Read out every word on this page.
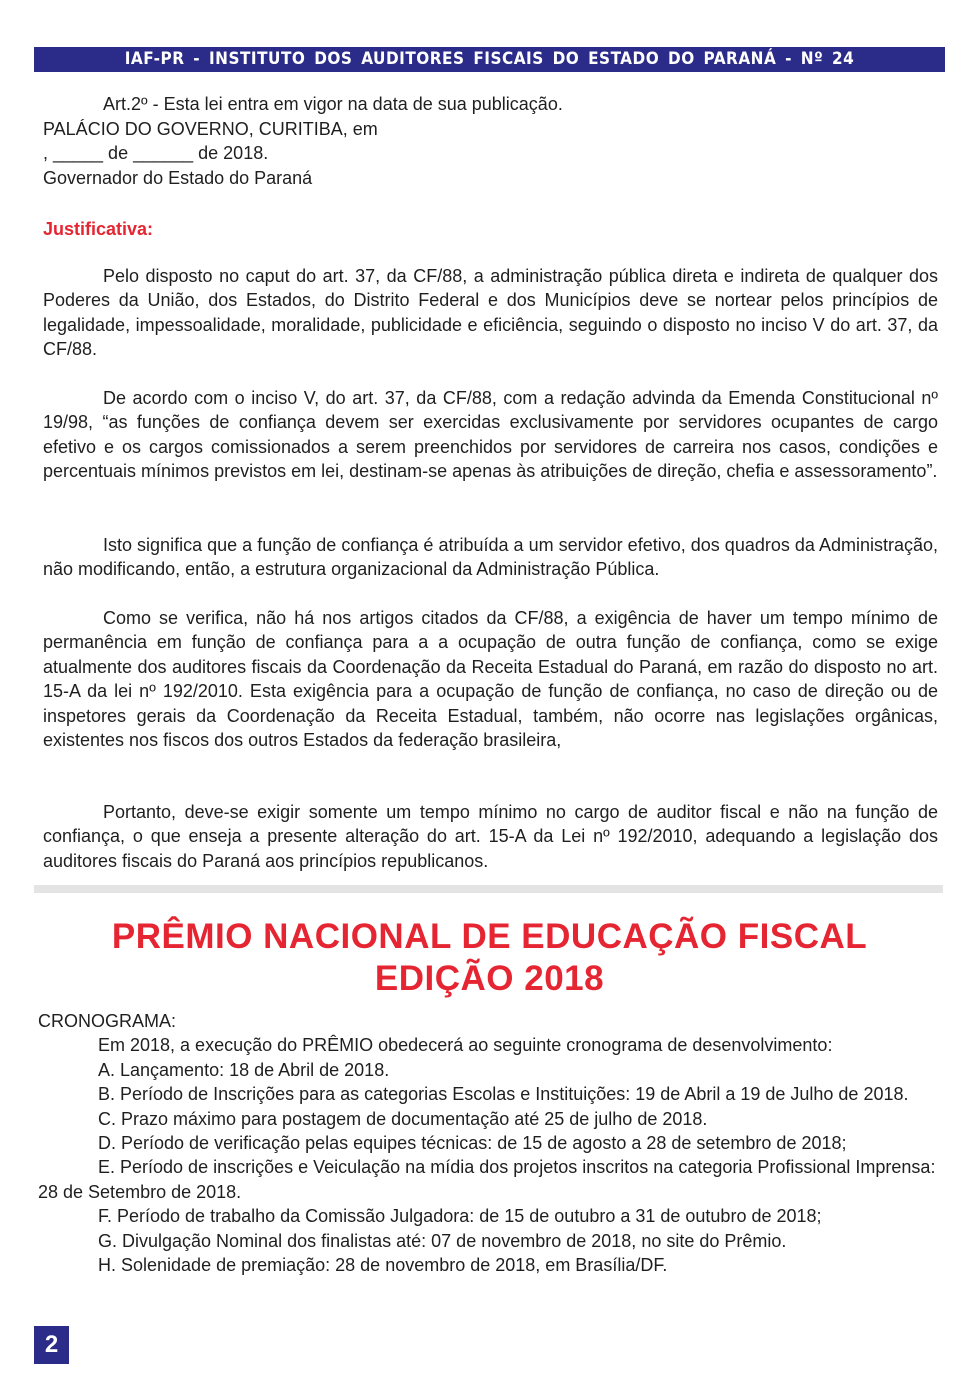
IAF-PR - INSTITUTO DOS AUDITORES FISCAIS DO ESTADO DO PARANÁ - Nº 24
Art.2º - Esta lei entra em vigor na data de sua publicação.
PALÁCIO DO GOVERNO, CURITIBA, em
, _____ de ______ de 2018.
Governador do Estado do Paraná
Justificativa:

Pelo disposto no caput do art. 37, da CF/88, a administração pública direta e indireta de qualquer dos Poderes da União, dos Estados, do Distrito Federal e dos Municípios deve se nortear pelos princípios de legalidade, impessoalidade, moralidade, publicidade e eficiência, seguindo o disposto no inciso V do art. 37, da CF/88.

De acordo com o inciso V, do art. 37, da CF/88, com a redação advinda da Emenda Constitucional nº 19/98, “as funções de confiança devem ser exercidas exclusivamente por servidores ocupantes de cargo efetivo e os cargos comissionados a serem preenchidos por servidores de carreira nos casos, condições e percentuais mínimos previstos em lei, destinam-se apenas às atribuições de direção, chefia e assessoramento”.

Isto significa que a função de confiança é atribuída a um servidor efetivo, dos quadros da Administração, não modificando, então, a estrutura organizacional da Administração Pública.

Como se verifica, não há nos artigos citados da CF/88, a exigência de haver um tempo mínimo de permanência em função de confiança para a a ocupação de outra função de confiança, como se exige atualmente dos auditores fiscais da Coordenação da Receita Estadual do Paraná, em razão do disposto no art. 15-A da lei nº 192/2010. Esta exigência para a ocupação de função de confiança, no caso de direção ou de inspetores gerais da Coordenação da Receita Estadual, também, não ocorre nas legislações orgânicas, existentes nos fiscos dos outros Estados da federação brasileira,

Portanto, deve-se exigir somente um tempo mínimo no cargo de auditor fiscal e não na função de confiança, o que enseja a presente alteração do art. 15-A da Lei nº 192/2010, adequando a legislação dos auditores fiscais do Paraná aos princípios republicanos.

PRÊMIO NACIONAL DE EDUCAÇÃO FISCAL
EDIÇÃO 2018
CRONOGRAMA:
Em 2018, a execução do PRÊMIO obedecerá ao seguinte cronograma de desenvolvimento:
A. Lançamento: 18 de Abril de 2018.
B. Período de Inscrições para as categorias Escolas e Instituições: 19 de Abril a 19 de Julho de 2018.
C. Prazo máximo para postagem de documentação até 25 de julho de 2018.
D. Período de verificação pelas equipes técnicas: de 15 de agosto a 28 de setembro de 2018;
E. Período de inscrições e Veiculação na mídia dos projetos inscritos na categoria Profissional Imprensa: 28 de Setembro de 2018.
F. Período de trabalho da Comissão Julgadora: de 15 de outubro a 31 de outubro de 2018;
G. Divulgação Nominal dos finalistas até: 07 de novembro de 2018, no site do Prêmio.
H. Solenidade de premiação: 28 de novembro de 2018, em Brasília/DF.
2
